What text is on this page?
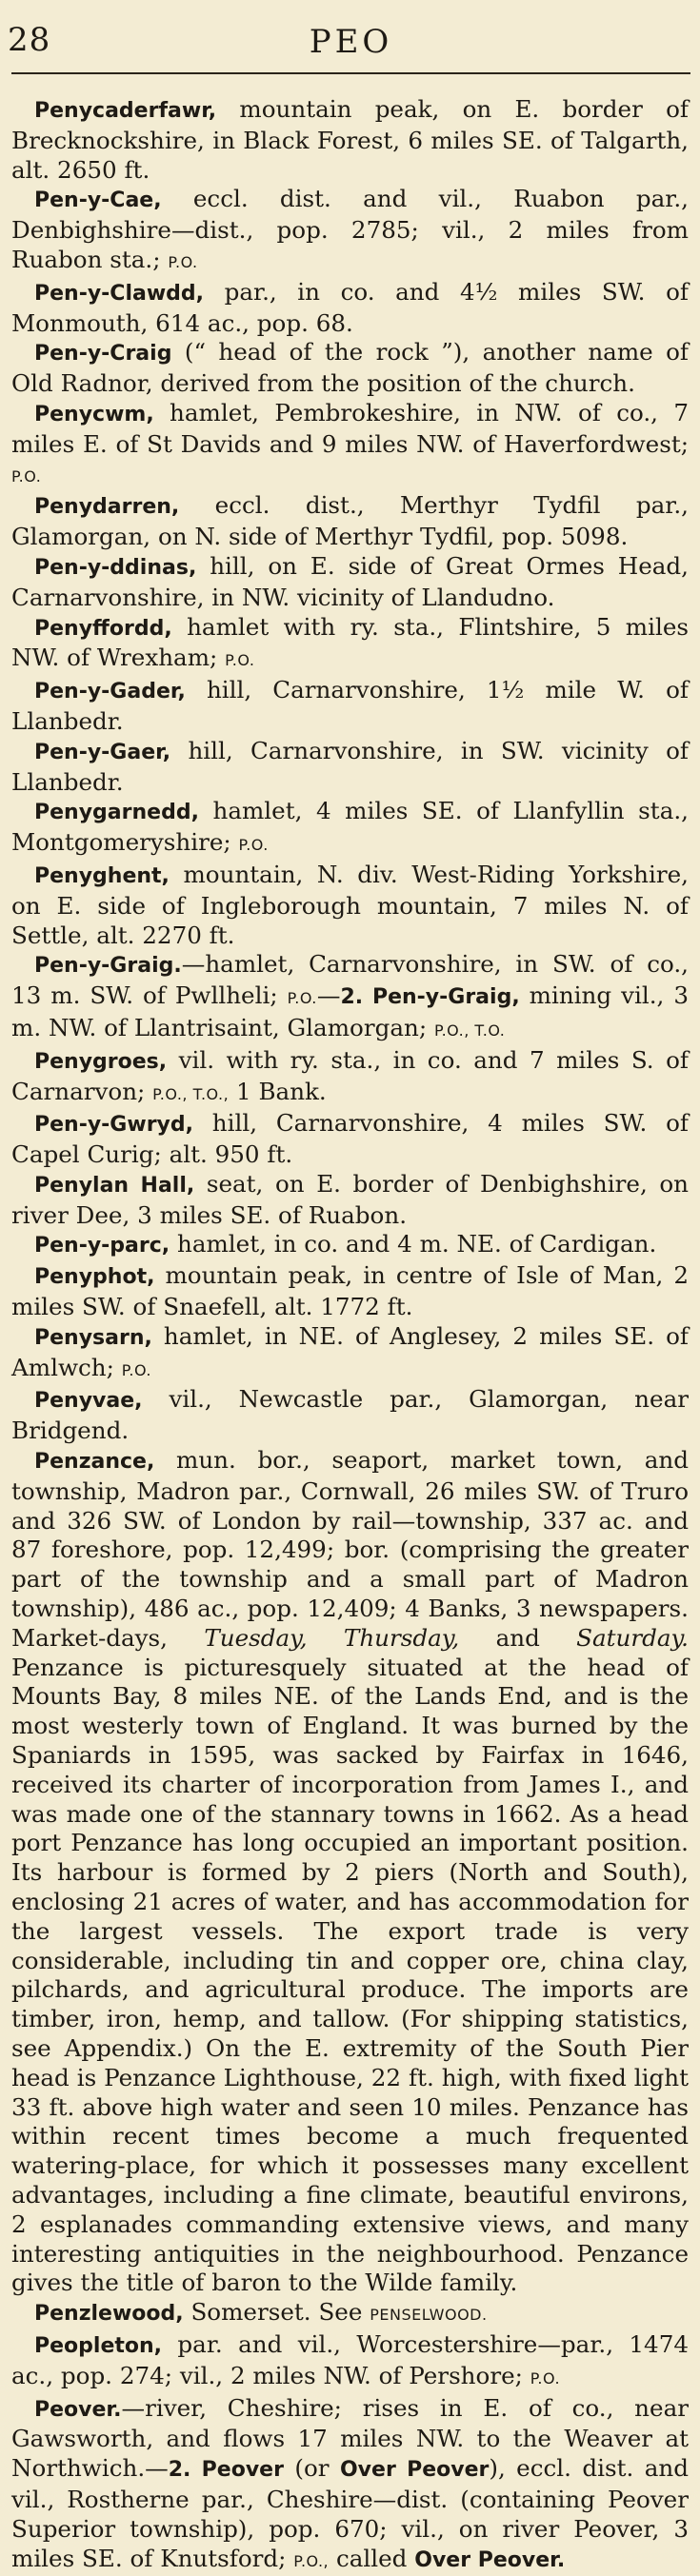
28	PEO

Penycaderfawr, mountain peak, on E. border of Brecknockshire, in Black Forest, 6 miles SE. of Talgarth, alt. 2650 ft.

Pen-y-Cae, eccl. dist. and vil., Ruabon par., Denbighshire—dist., pop. 2785; vil., 2 miles from Ruabon sta.; P.O.

Pen-y-Clawdd, par., in co. and 4½ miles SW. of Monmouth, 614 ac., pop. 68.

Pen-y-Craig (“ head of the rock ”), another name of Old Radnor, derived from the position of the church.

Penycwm, hamlet, Pembrokeshire, in NW. of co., 7 miles E. of St Davids and 9 miles NW. of Haverfordwest; P.O.

Penydarren, eccl. dist., Merthyr Tydfil par., Glamorgan, on N. side of Merthyr Tydfil, pop. 5098.

Pen-y-ddinas, hill, on E. side of Great Ormes Head, Carnarvonshire, in NW. vicinity of Llandudno.

Penyffordd, hamlet with ry. sta., Flintshire, 5 miles NW. of Wrexham; P.O.

Pen-y-Gader, hill, Carnarvonshire, 1½ mile W. of Llanbedr.

Pen-y-Gaer, hill, Carnarvonshire, in SW. vicinity of Llanbedr.

Penygarnedd, hamlet, 4 miles SE. of Llanfyllin sta., Montgomeryshire; P.O.

Penyghent, mountain, N. div. West-Riding Yorkshire, on E. side of Ingleborough mountain, 7 miles N. of Settle, alt. 2270 ft.

Pen-y-Graig.—hamlet, Carnarvonshire, in SW. of co., 13 m. SW. of Pwllheli; P.O.—2. Pen-y-Graig, mining vil., 3 m. NW. of Llantrisaint, Glamorgan; P.O., T.O.

Penygroes, vil. with ry. sta., in co. and 7 miles S. of Carnarvon; P.O., T.O., 1 Bank.

Pen-y-Gwryd, hill, Carnarvonshire, 4 miles SW. of Capel Curig; alt. 950 ft.

Penylan Hall, seat, on E. border of Denbighshire, on river Dee, 3 miles SE. of Ruabon.

Pen-y-parc, hamlet, in co. and 4 m. NE. of Cardigan.

Penyphot, mountain peak, in centre of Isle of Man, 2 miles SW. of Snaefell, alt. 1772 ft.

Penysarn, hamlet, in NE. of Anglesey, 2 miles SE. of Amlwch; P.O.

Penyvae, vil., Newcastle par., Glamorgan, near Bridgend.

Penzance, mun. bor., seaport, market town, and township, Madron par., Cornwall, 26 miles SW. of Truro and 326 SW. of London by rail—township, 337 ac. and 87 foreshore, pop. 12,499; bor. (comprising the greater part of the township and a small part of Madron township), 486 ac., pop. 12,409; 4 Banks, 3 newspapers. Market-days, Tuesday, Thursday, and Saturday. Penzance is picturesquely situated at the head of Mounts Bay, 8 miles NE. of the Lands End, and is the most westerly town of England. It was burned by the Spaniards in 1595, was sacked by Fairfax in 1646, received its charter of incorporation from James I., and was made one of the stannary towns in 1662. As a head port Penzance has long occupied an important position. Its harbour is formed by 2 piers (North and South), enclosing 21 acres of water, and has accommodation for the largest vessels. The export trade is very considerable, including tin and copper ore, china clay, pilchards, and agricultural produce. The imports are timber, iron, hemp, and tallow. (For shipping statistics, see Appendix.) On the E. extremity of the South Pier head is Penzance Lighthouse, 22 ft. high, with fixed light 33 ft. above high water and seen 10 miles. Penzance has within recent times become a much frequented watering-place, for which it possesses many excellent advantages, including a fine climate, beautiful environs, 2 esplanades commanding extensive views, and many interesting antiquities in the neighbourhood. Penzance gives the title of baron to the Wilde family.

Penzlewood, Somerset. See PENSELWOOD.

Peopleton, par. and vil., Worcestershire—par., 1474 ac., pop. 274; vil., 2 miles NW. of Pershore; P.O.

Peover.—river, Cheshire; rises in E. of co., near Gawsworth, and flows 17 miles NW. to the Weaver at Northwich.—2. Peover (or Over Peover), eccl. dist. and vil., Rostherne par., Cheshire—dist. (containing Peover Superior township), pop. 670; vil., on river Peover, 3 miles SE. of Knutsford; P.O., called Over Peover.
